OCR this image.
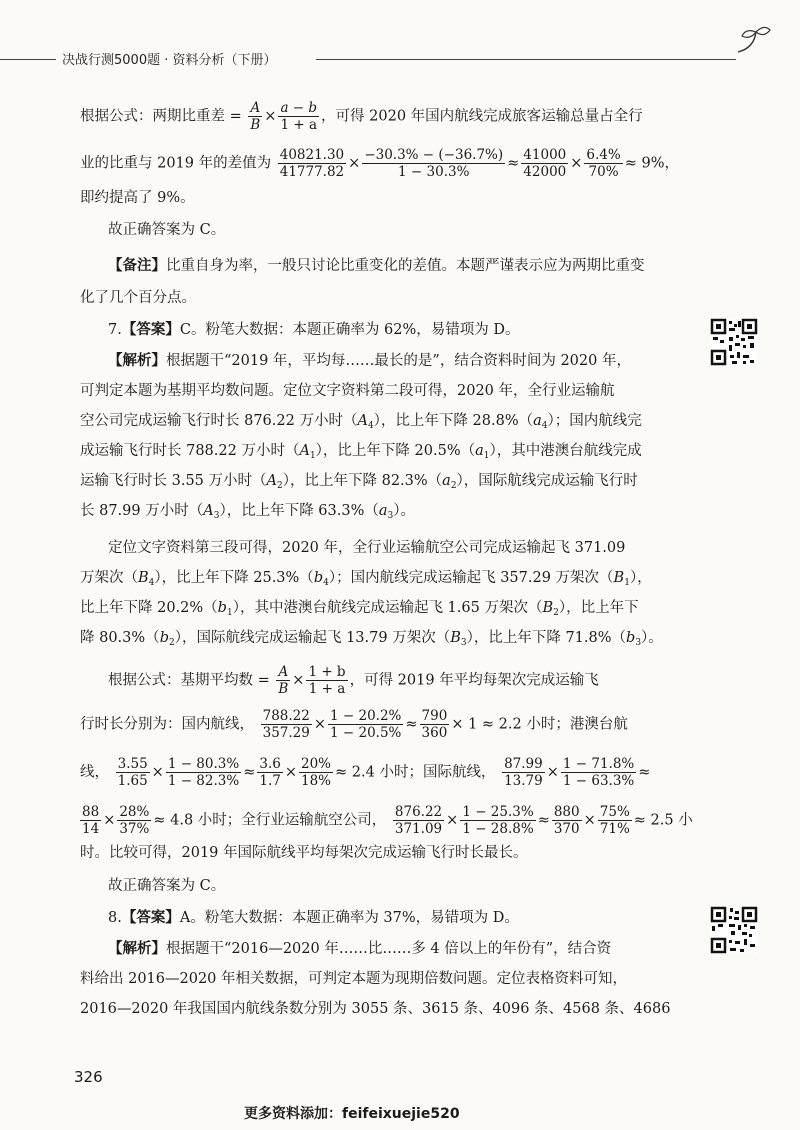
决战行测5000题 · 资料分析（下册）
根据公式：两期比重差 = $\frac{A}{B} \times \frac{a - b}{1 + a}$ ，可得 2020 年国内航线完成旅客运输总量占全行
业的比重与 2019 年的差值为 $\frac{40821.30}{41777.82} \times \frac{-30.3\% - (-36.7\%)}{1 - 30.3\%} \approx \frac{41000}{42000} \times \frac{6.4\%}{70\%} \approx 9\%$，
即约提高了 9%。
故正确答案为 C。
【备注】比重自身为率，一般只讨论比重变化的差值。本题严谨表示应为两期比重变
化了几个百分点。
7.【答案】C。粉笔大数据：本题正确率为 62%，易错项为 D。
【解析】根据题干“2019 年，平均每……最长的是”，结合资料时间为 2020 年，
可判定本题为基期平均数问题。定位文字资料第二段可得，2020 年，全行业运输航
空公司完成运输飞行时长 876.22 万小时$(A_4)$，比上年下降 $28.8\%(a_4)$；国内航线完
成运输飞行时长 788.22 万小时$(A_1)$，比上年下降 $20.5\%(a_1)$，其中港澳台航线完成
运输飞行时长 3.55 万小时$(A_2)$，比上年下降 $82.3\%(a_2)$，国际航线完成运输飞行时
长 87.99 万小时$(A_3)$，比上年下降 $63.3\%(a_3)$。
定位文字资料第三段可得，2020 年，全行业运输航空公司完成运输起飞 371.09
万架次$(B_4)$，比上年下降 $25.3\%(b_4)$；国内航线完成运输起飞 357.29 万架次$(B_1)$，
比上年下降 $20.2\%(b_1)$，其中港澳台航线完成运输起飞 1.65 万架次$(B_2)$，比上年下
降 $80.3\%(b_2)$，国际航线完成运输起飞 13.79 万架次$(B_3)$，比上年下降 $71.8\%(b_3)$。
根据公式：基期平均数 = $\frac{A}{B} \times \frac{1 + b}{1 + a}$ ，可得 2019 年平均每架次完成运输飞
行时长分别为：国内航线， $\frac{788.22}{357.29} \times \frac{1 - 20.2\%}{1 - 20.5\%} \approx \frac{790}{360} \times 1 \approx 2.2$ 小时；港澳台航
线， $\frac{3.55}{1.65} \times \frac{1 - 80.3\%}{1 - 82.3\%} \approx \frac{3.6}{1.7} \times \frac{20\%}{18\%} \approx 2.4$ 小时；国际航线， $\frac{87.99}{13.79} \times \frac{1 - 71.8\%}{1 - 63.3\%}$ ≈
$\frac{88}{14} \times \frac{28\%}{37\%} \approx 4.8$ 小时；全行业运输航空公司， $\frac{876.22}{371.09} \times \frac{1 - 25.3\%}{1 - 28.8\%} \approx \frac{880}{370} \times \frac{75\%}{71\%} \approx 2.5$ 小
时。比较可得，2019 年国际航线平均每架次完成运输飞行时长最长。
故正确答案为 C。
8.【答案】A。粉笔大数据：本题正确率为 37%，易错项为 D。
【解析】根据题干“2016—2020 年……比……多 4 倍以上的年份有”，结合资
料给出 2016—2020 年相关数据，可判定本题为现期倍数问题。定位表格资料可知，
2016—2020 年我国国内航线条数分别为 3055 条、3615 条、4096 条、4568 条、4686
326
更多资料添加：feifeixuejie520
